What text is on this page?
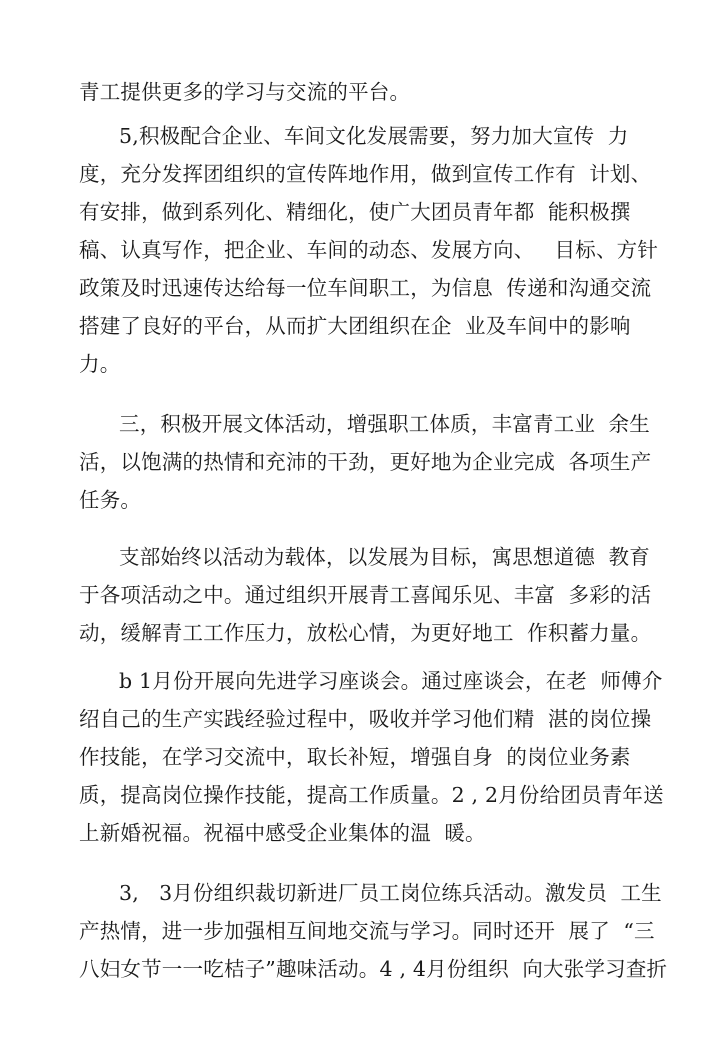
青工提供更多的学习与交流的平台。
5,积极配合企业、车间文化发展需要，努力加大宣传  力
度，充分发挥团组织的宣传阵地作用，做到宣传工作有  计划、
有安排，做到系列化、精细化，使广大团员青年都  能积极撰
稿、认真写作，把企业、车间的动态、发展方向、   目标、方针
政策及时迅速传达给每一位车间职工，为信息  传递和沟通交流
搭建了良好的平台，从而扩大团组织在企  业及车间中的影响
力。
三，积极开展文体活动，增强职工体质，丰富青工业  余生
活，以饱满的热情和充沛的干劲，更好地为企业完成  各项生产
任务。
支部始终以活动为载体，以发展为目标，寓思想道德  教育
于各项活动之中。通过组织开展青工喜闻乐见、丰富  多彩的活
动，缓解青工工作压力，放松心情，为更好地工  作积蓄力量。
b 1月份开展向先进学习座谈会。通过座谈会，在老  师傅介
绍自己的生产实践经验过程中，吸收并学习他们精  湛的岗位操
作技能，在学习交流中，取长补短，增强自身  的岗位业务素
质，提高岗位操作技能，提高工作质量。2 , 2月份给团员青年送
上新婚祝福。祝福中感受企业集体的温  暖。
3,   3月份组织裁切新进厂员工岗位练兵活动。激发员  工生
产热情，进一步加强相互间地交流与学习。同时还开  展了  “三
八妇女节一一吃桔子”趣味活动。4 , 4月份组织  向大张学习查折
